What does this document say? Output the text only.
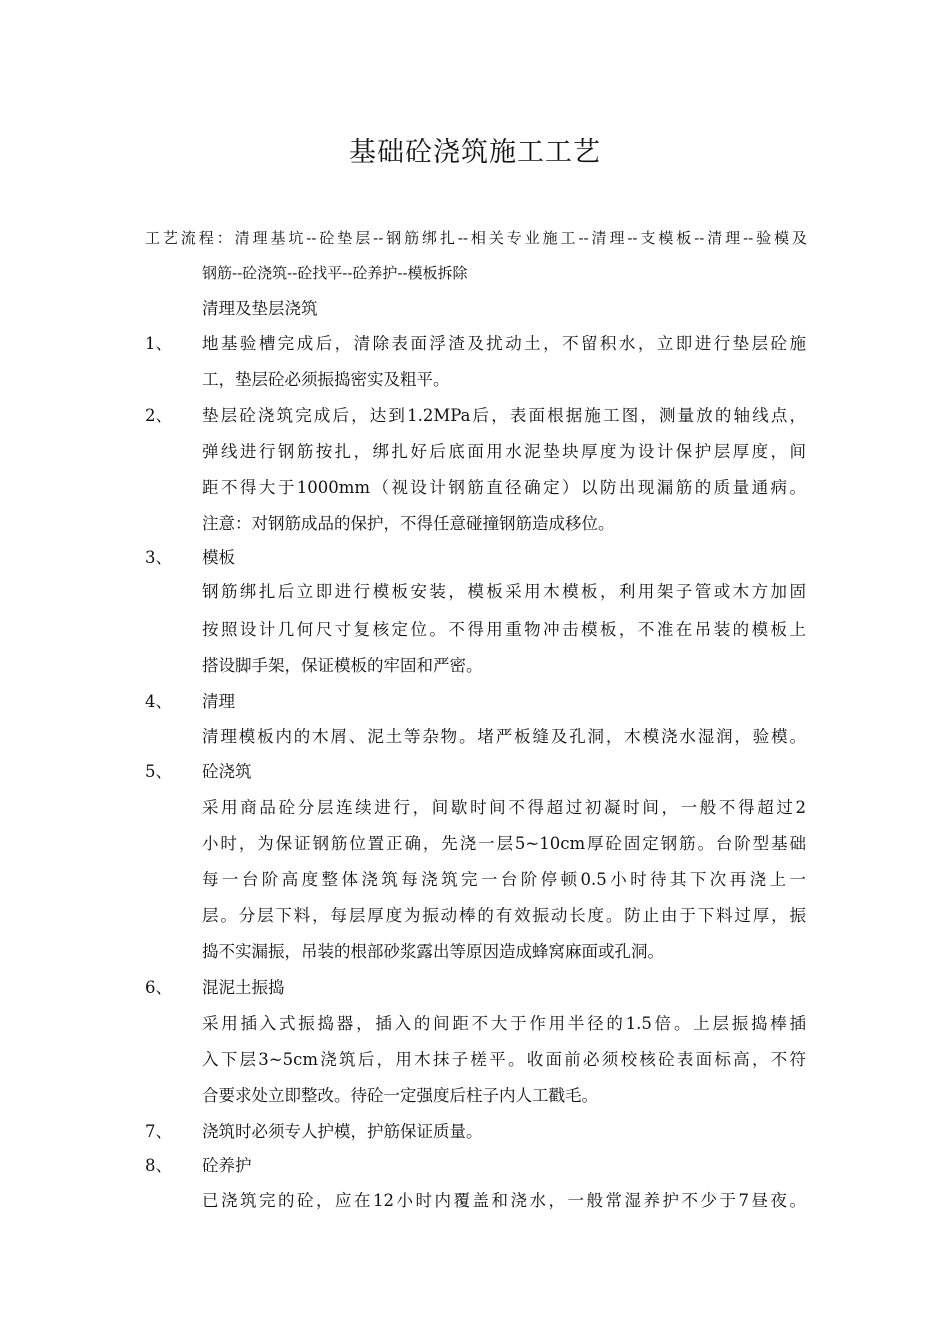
基础砼浇筑施工工艺
工艺流程：清理基坑--砼垫层--钢筋绑扎--相关专业施工--清理--支模板--清理--验模及
钢筋--砼浇筑--砼找平--砼养护--模板拆除
清理及垫层浇筑
1、 地基验槽完成后，清除表面浮渣及扰动土，不留积水，立即进行垫层砼施
工，垫层砼必须振捣密实及粗平。
2、 垫层砼浇筑完成后，达到1.2MPa后，表面根据施工图，测量放的轴线点，
弹线进行钢筋按扎，绑扎好后底面用水泥垫块厚度为设计保护层厚度，间
距不得大于1000mm（视设计钢筋直径确定）以防出现漏筋的质量通病。
注意：对钢筋成品的保护，不得任意碰撞钢筋造成移位。
3、 模板
钢筋绑扎后立即进行模板安装，模板采用木模板，利用架子管或木方加固
按照设计几何尺寸复核定位。不得用重物冲击模板，不准在吊装的模板上
搭设脚手架，保证模板的牢固和严密。
4、 清理
清理模板内的木屑、泥土等杂物。堵严板缝及孔洞，木模浇水湿润，验模。
5、 砼浇筑
采用商品砼分层连续进行，间歇时间不得超过初凝时间，一般不得超过2
小时，为保证钢筋位置正确，先浇一层5~10cm厚砼固定钢筋。台阶型基础
每一台阶高度整体浇筑每浇筑完一台阶停顿0.5小时待其下次再浇上一
层。分层下料，每层厚度为振动棒的有效振动长度。防止由于下料过厚，振
捣不实漏振，吊装的根部砂浆露出等原因造成蜂窝麻面或孔洞。
6、 混泥土振捣
采用插入式振捣器，插入的间距不大于作用半径的1.5倍。上层振捣棒插
入下层3~5cm浇筑后，用木抹子槎平。收面前必须校核砼表面标高，不符
合要求处立即整改。待砼一定强度后柱子内人工戳毛。
7、 浇筑时必须专人护模，护筋保证质量。
8、 砼养护
已浇筑完的砼，应在12小时内覆盖和浇水，一般常湿养护不少于7昼夜。
